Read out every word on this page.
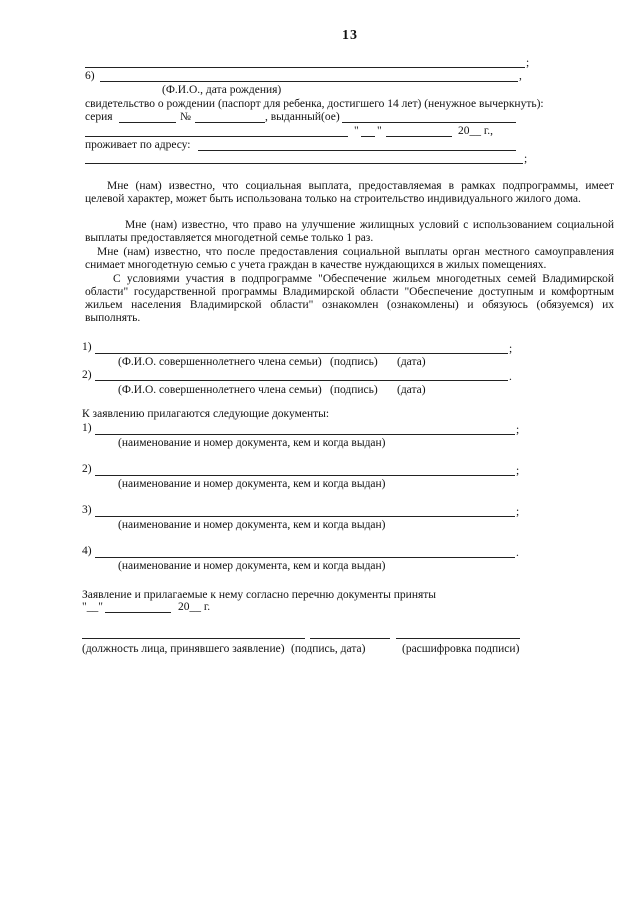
13
;
6)	,
(Ф.И.О., дата рождения)
свидетельство о рождении (паспорт для ребенка, достигшего 14 лет) (ненужное вычеркнуть):
серия	№	, выданный(ое)
" "	20__ г.,
проживает по адресу:
;
Мне (нам) известно, что социальная выплата, предоставляемая в рамках подпрограммы, имеет целевой характер, может быть использована только на строительство индивидуального жилого дома.
Мне (нам) известно, что право на улучшение жилищных условий с использованием социальной выплаты предоставляется многодетной семье только 1 раз.
Мне (нам) известно, что после предоставления социальной выплаты орган местного самоуправления снимает многодетную семью с учета граждан в качестве нуждающихся в жилых помещениях.
С условиями участия в подпрограмме "Обеспечение жильем многодетных семей Владимирской области" государственной программы Владимирской области "Обеспечение доступным и комфортным жильем населения Владимирской области" ознакомлен (ознакомлены) и обязуюсь (обязуемся) их выполнять.
1)	;
(Ф.И.О. совершеннолетнего члена семьи) (подпись) (дата)
2)	.
(Ф.И.О. совершеннолетнего члена семьи) (подпись) (дата)
К заявлению прилагаются следующие документы:
1)	;
(наименование и номер документа, кем и когда выдан)
2)	;
(наименование и номер документа, кем и когда выдан)
3)	;
(наименование и номер документа, кем и когда выдан)
4)	.
(наименование и номер документа, кем и когда выдан)
Заявление и прилагаемые к нему согласно перечню документы приняты
"__"	20__ г.
(должность лица, принявшего заявление) (подпись, дата)	(расшифровка подписи)
